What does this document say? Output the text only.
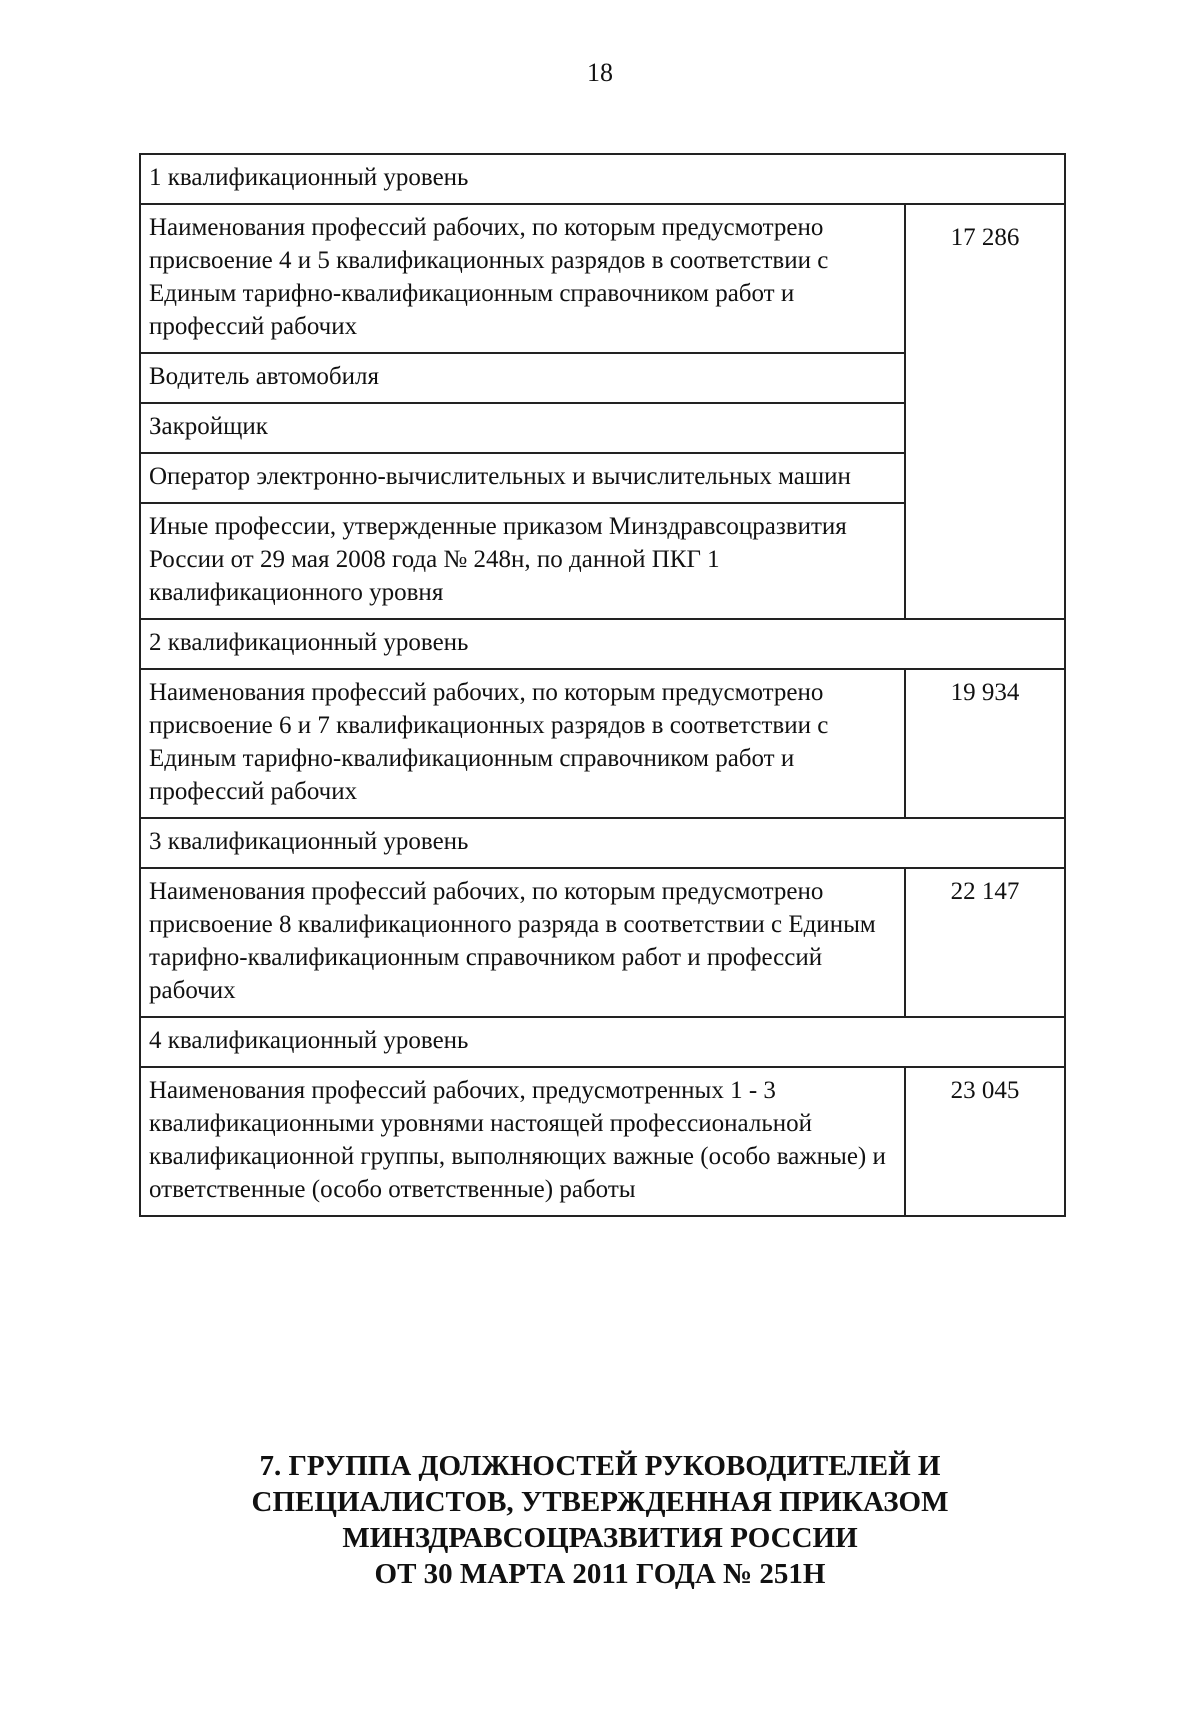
18
1 квалификационный уровень	
Наименования профессий рабочих, по которым предусмотрено присвоение 4 и 5 квалификационных разрядов в соответствии с Единым тарифно-квалификационным справочником работ и профессий рабочих	17 286
Водитель автомобиля	
Закройщик	
Оператор электронно-вычислительных и вычислительных машин	
Иные профессии, утвержденные приказом Минздравсоцразвития России от 29 мая 2008 года № 248н, по данной ПКГ 1 квалификационного уровня	
2 квалификационный уровень	
Наименования профессий рабочих, по которым предусмотрено присвоение 6 и 7 квалификационных разрядов в соответствии с Единым тарифно-квалификационным справочником работ и профессий рабочих	19 934
3 квалификационный уровень	
Наименования профессий рабочих, по которым предусмотрено присвоение 8 квалификационного разряда в соответствии с Единым тарифно-квалификационным справочником работ и профессий рабочих	22 147
4 квалификационный уровень	
Наименования профессий рабочих, предусмотренных 1 - 3 квалификационными уровнями настоящей профессиональной квалификационной группы, выполняющих важные (особо важные) и ответственные (особо ответственные) работы	23 045
7. ГРУППА ДОЛЖНОСТЕЙ РУКОВОДИТЕЛЕЙ И
СПЕЦИАЛИСТОВ, УТВЕРЖДЕННАЯ ПРИКАЗОМ
МИНЗДРАВСОЦРАЗВИТИЯ РОССИИ
ОТ 30 МАРТА 2011 ГОДА № 251Н
